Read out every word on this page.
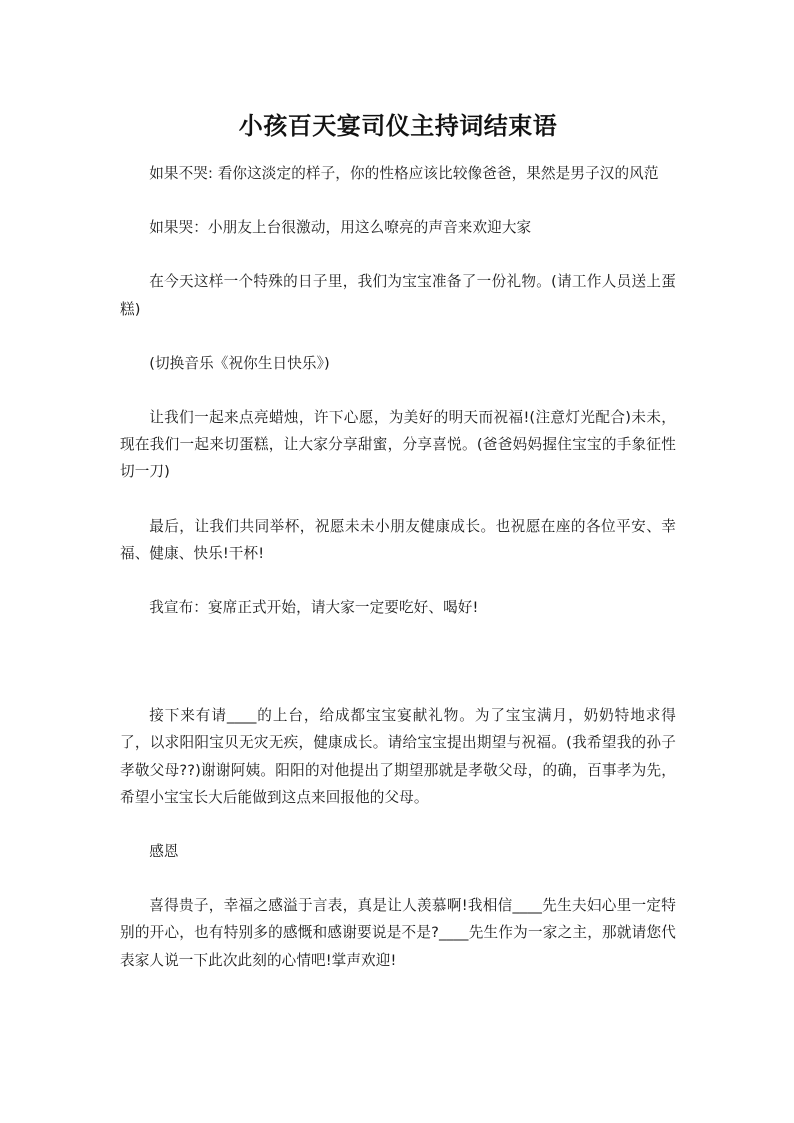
小孩百天宴司仪主持词结束语

如果不哭: 看你这淡定的样子，你的性格应该比较像爸爸，果然是男子汉的风范

如果哭：小朋友上台很激动，用这么嘹亮的声音来欢迎大家

在今天这样一个特殊的日子里，我们为宝宝准备了一份礼物。(请工作人员送上蛋糕)

(切换音乐《祝你生日快乐》)

让我们一起来点亮蜡烛，许下心愿，为美好的明天而祝福!(注意灯光配合)未未，现在我们一起来切蛋糕，让大家分享甜蜜，分享喜悦。(爸爸妈妈握住宝宝的手象征性切一刀)

最后，让我们共同举杯，祝愿未未小朋友健康成长。也祝愿在座的各位平安、幸福、健康、快乐!干杯!

我宣布：宴席正式开始，请大家一定要吃好、喝好!

接下来有请____的上台，给成都宝宝宴献礼物。为了宝宝满月，奶奶特地求得了，以求阳阳宝贝无灾无疾，健康成长。请给宝宝提出期望与祝福。(我希望我的孙子孝敬父母??)谢谢阿姨。阳阳的对他提出了期望那就是孝敬父母，的确，百事孝为先，希望小宝宝长大后能做到这点来回报他的父母。

感恩

喜得贵子，幸福之感溢于言表，真是让人羡慕啊!我相信____先生夫妇心里一定特别的开心，也有特别多的感慨和感谢要说是不是?____先生作为一家之主，那就请您代表家人说一下此次此刻的心情吧!掌声欢迎!
